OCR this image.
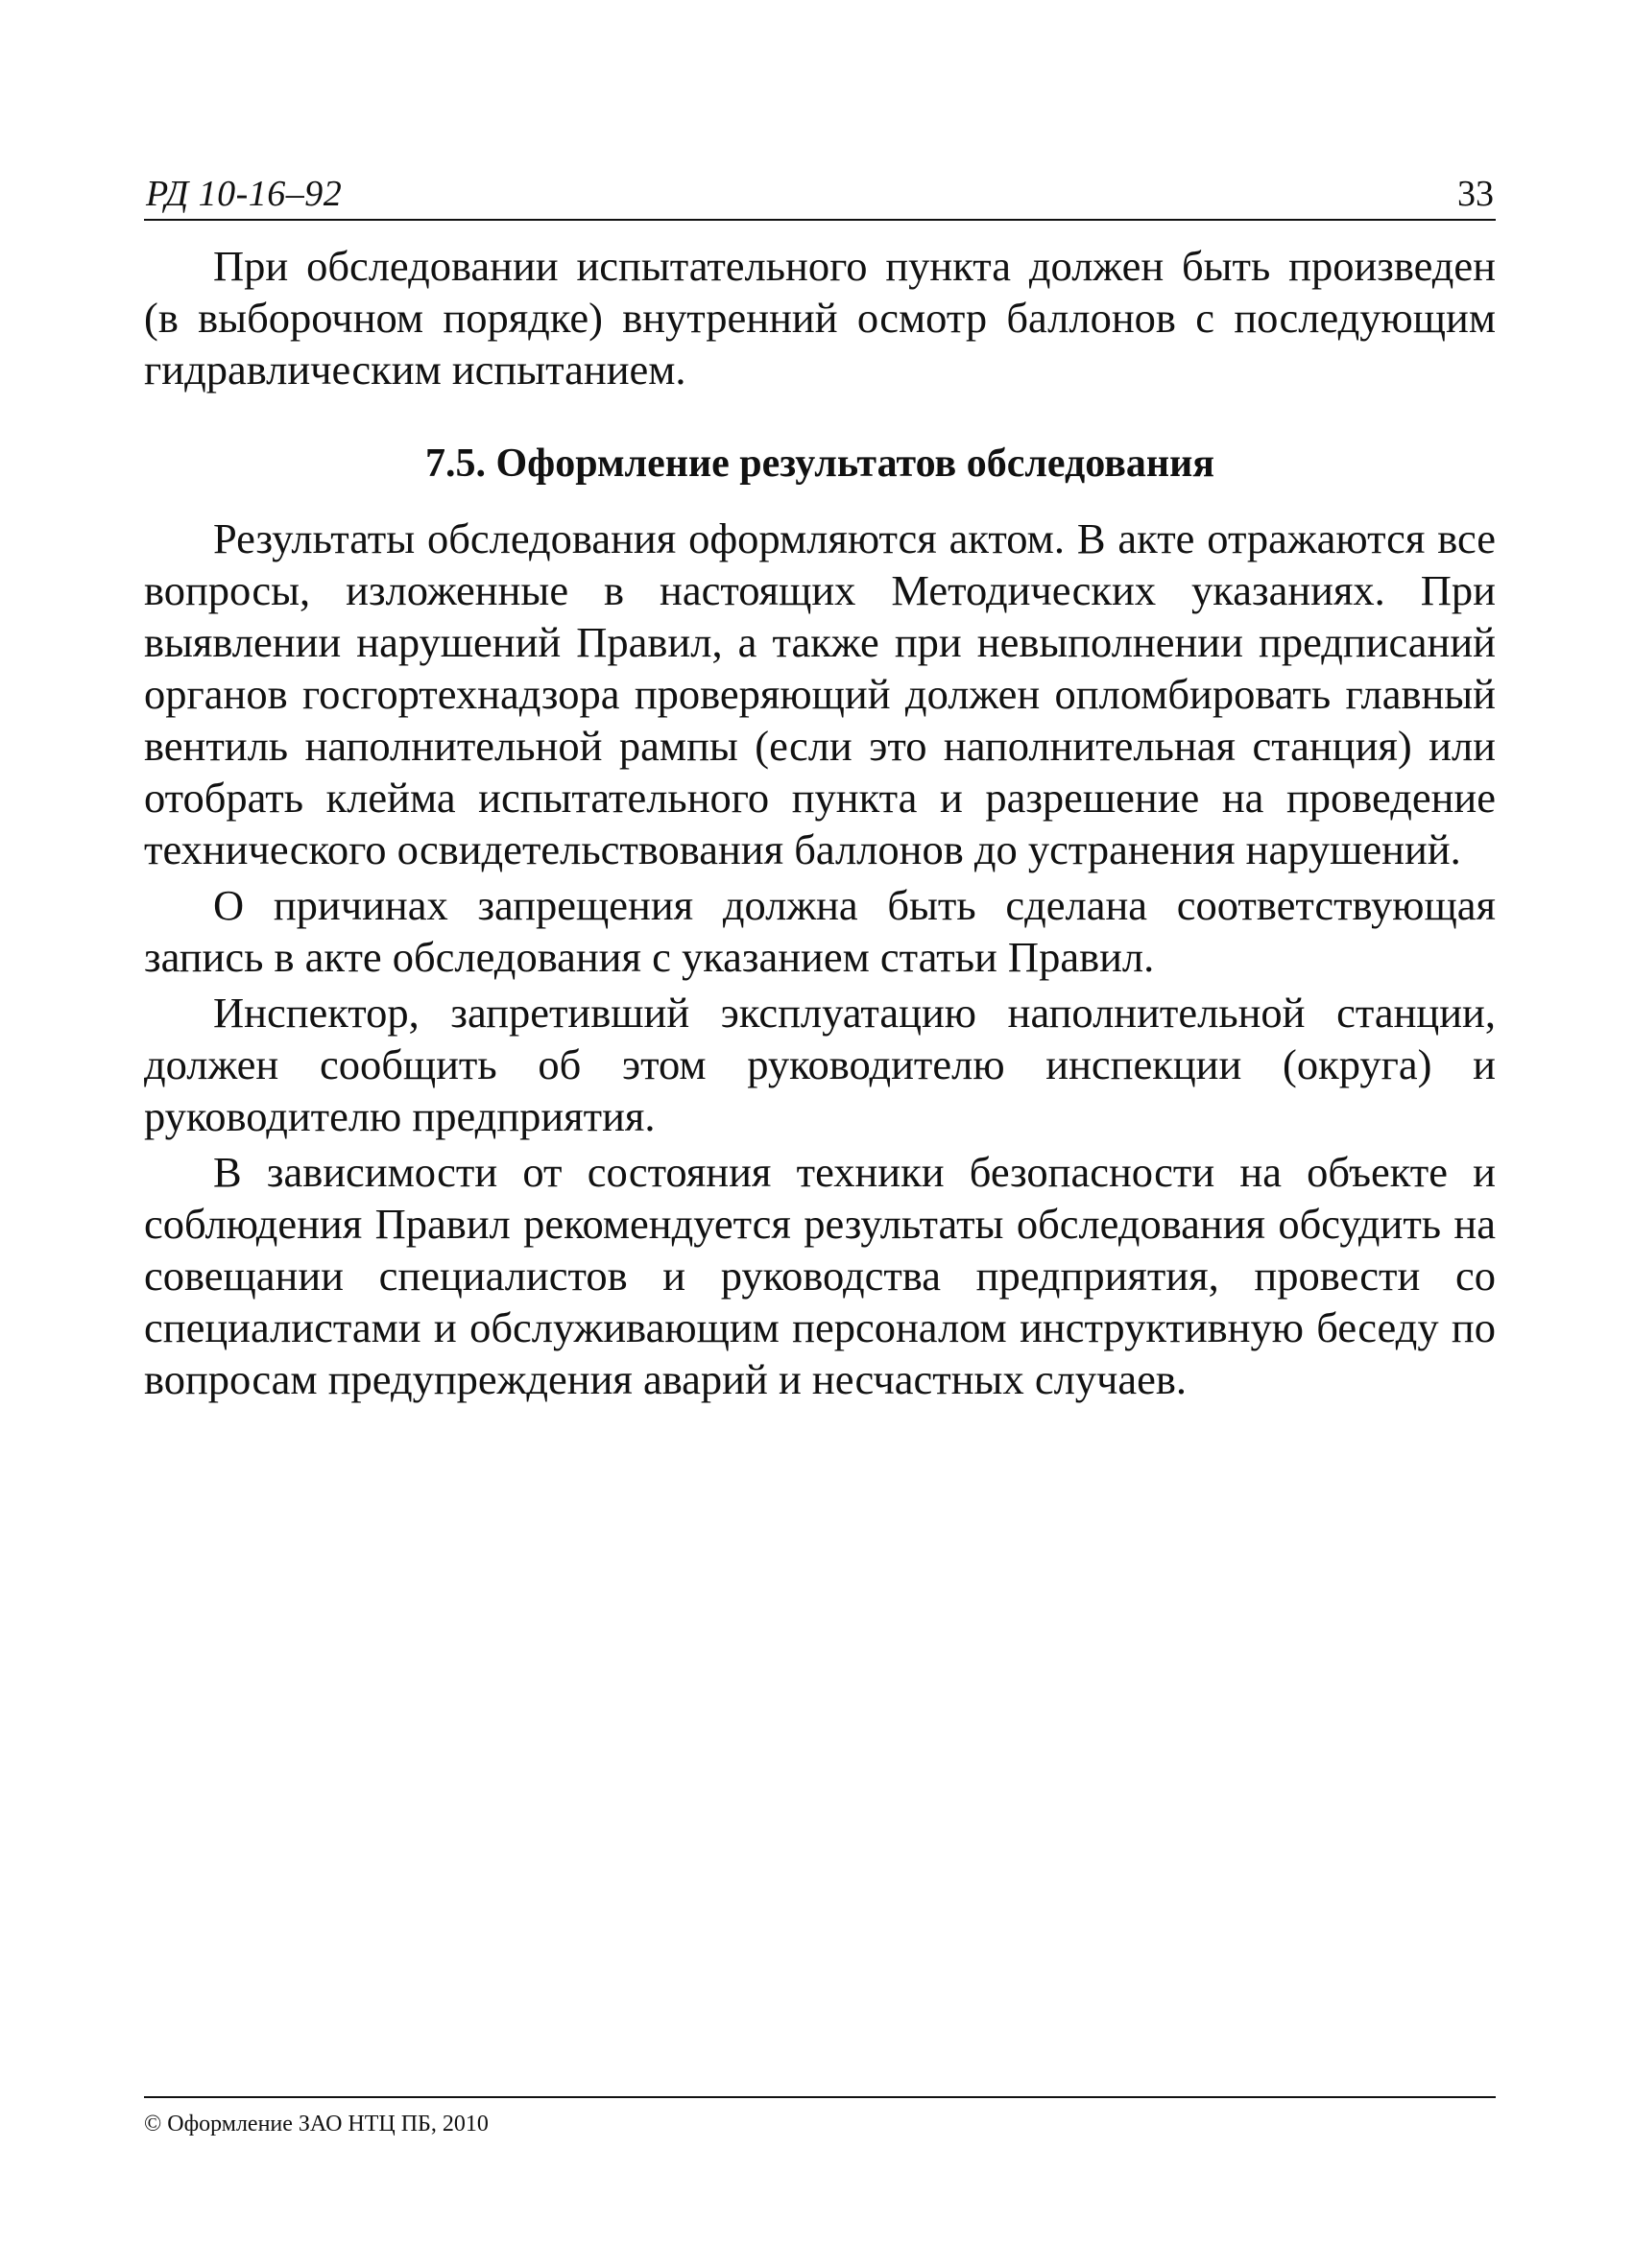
РД 10-16–92	33

При обследовании испытательного пункта должен быть произведен (в выборочном порядке) внутренний осмотр баллонов с последующим гидравлическим испытанием.

7.5. Оформление результатов обследования

Результаты обследования оформляются актом. В акте отражаются все вопросы, изложенные в настоящих Методических указаниях. При выявлении нарушений Правил, а также при невыполнении предписаний органов госгортехнадзора проверяющий должен опломбировать главный вентиль наполнительной рампы (если это наполнительная станция) или отобрать клейма испытательного пункта и разрешение на проведение технического освидетельствования баллонов до устранения нарушений.

О причинах запрещения должна быть сделана соответствующая запись в акте обследования с указанием статьи Правил.

Инспектор, запретивший эксплуатацию наполнительной станции, должен сообщить об этом руководителю инспекции (округа) и руководителю предприятия.

В зависимости от состояния техники безопасности на объекте и соблюдения Правил рекомендуется результаты обследования обсудить на совещании специалистов и руководства предприятия, провести со специалистами и обслуживающим персоналом инструктивную беседу по вопросам предупреждения аварий и несчастных случаев.

© Оформление ЗАО НТЦ ПБ, 2010
